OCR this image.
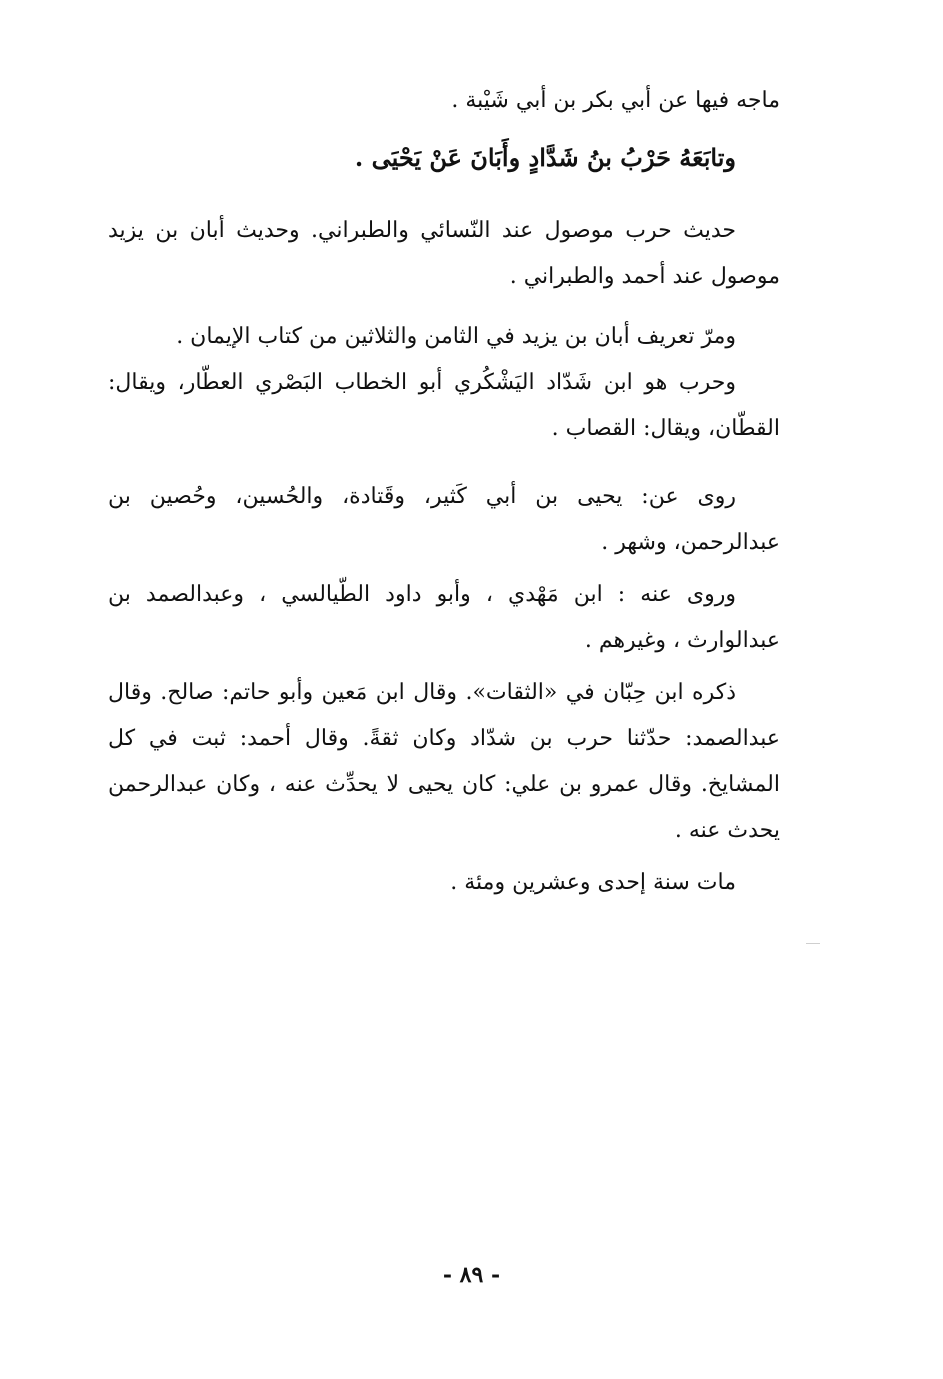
ماجه فيها عن أبي بكر بن أبي شَيْبة .

وتابَعَهُ حَرْبُ بنُ شَدَّادٍ وأَبَانَ عَنْ يَحْيَى .

حديث حرب موصول عند النّسائي والطبراني. وحديث أبان بن يزيد موصول عند أحمد والطبراني .

ومرّ تعريف أبان بن يزيد في الثامن والثلاثين من كتاب الإيمان .

وحرب هو ابن شَدّاد اليَشْكُري أبو الخطاب البَصْري العطّار، ويقال: القطّان، ويقال: القصاب .

روى عن: يحيى بن أبي كَثير، وقَتادة، والحُسين، وحُصين بن عبدالرحمن، وشهر .

وروى عنه : ابن مَهْدي ، وأبو داود الطّيالسي ، وعبدالصمد بن عبدالوارث ، وغيرهم .

ذكره ابن حِبّان في «الثقات». وقال ابن مَعين وأبو حاتم: صالح. وقال عبدالصمد: حدّثنا حرب بن شدّاد وكان ثقةً. وقال أحمد: ثبت في كل المشايخ. وقال عمرو بن علي: كان يحيى لا يحدِّث عنه ، وكان عبدالرحمن يحدث عنه .

مات سنة إحدى وعشرين ومئة .

- ٨٩ -
